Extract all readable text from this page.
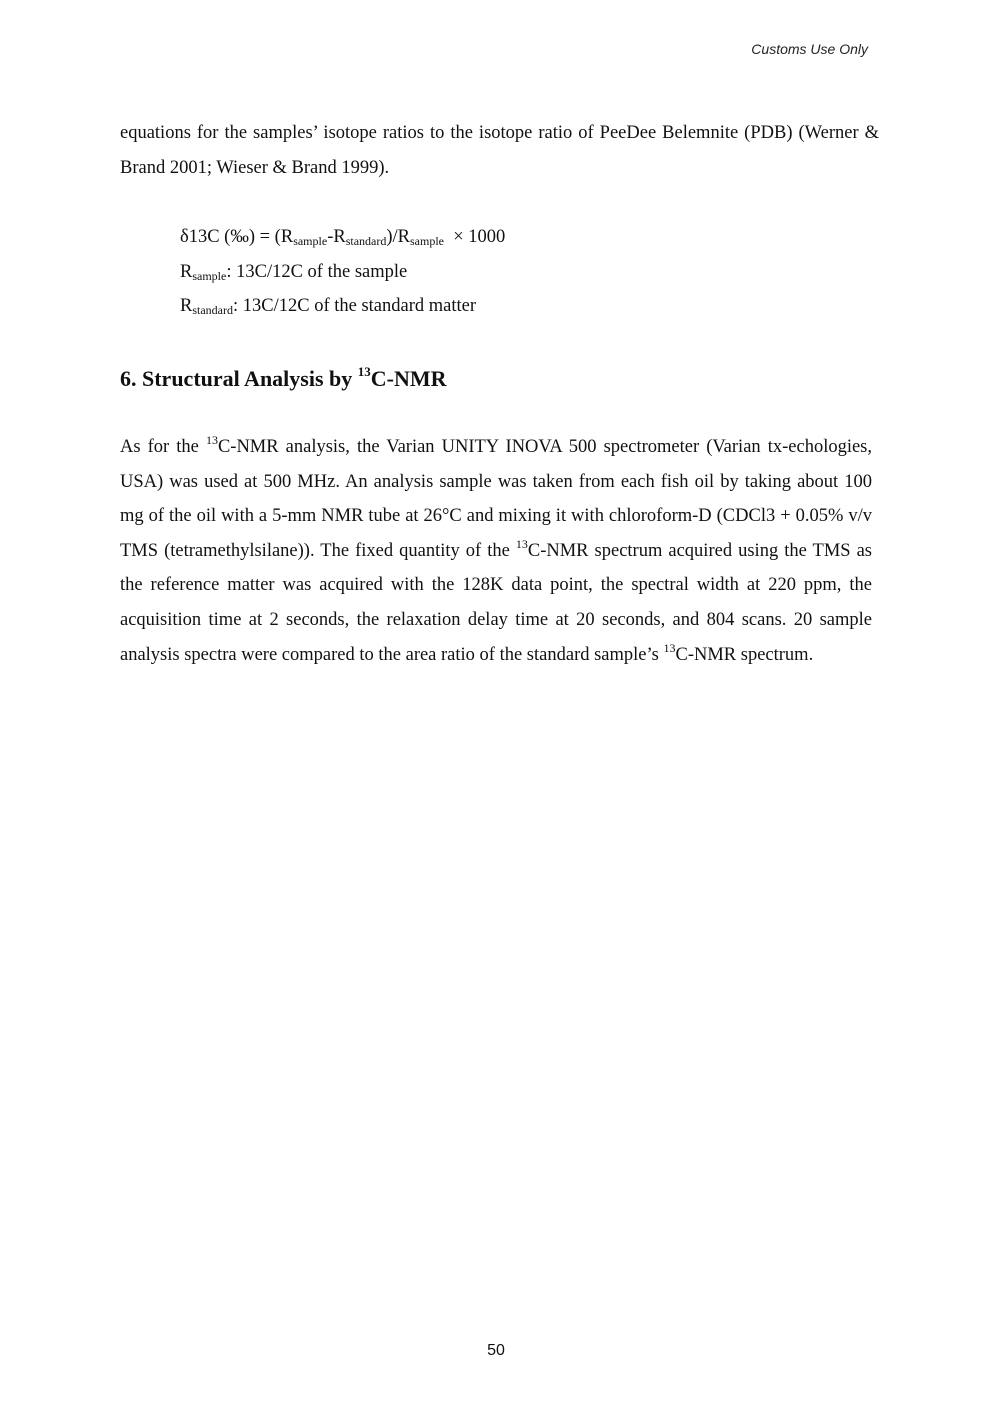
Customs Use Only

equations for the samples’ isotope ratios to the isotope ratio of PeeDee Belemnite (PDB) (Werner & Brand 2001; Wieser & Brand 1999).

δ13C (‰) = $(R_{sample}-R_{standard})/R_{sample} \times 1000$
$R_{sample}$: 13C/12C of the sample
$R_{standard}$: 13C/12C of the standard matter
6. Structural Analysis by $^{13}$C-NMR

As for the $^{13}$C-NMR analysis, the Varian UNITY INOVA 500 spectrometer (Varian tx-echologies, USA) was used at 500 MHz. An analysis sample was taken from each fish oil by taking about 100 mg of the oil with a 5-mm NMR tube at 26°C and mixing it with chloroform-D (CDCl3 + 0.05% v/v TMS (tetramethylsilane)). The fixed quantity of the $^{13}$C-NMR spectrum acquired using the TMS as the reference matter was acquired with the 128K data point, the spectral width at 220 ppm, the acquisition time at 2 seconds, the relaxation delay time at 20 seconds, and 804 scans. 20 sample analysis spectra were compared to the area ratio of the standard sample’s $^{13}$C-NMR spectrum.

50
